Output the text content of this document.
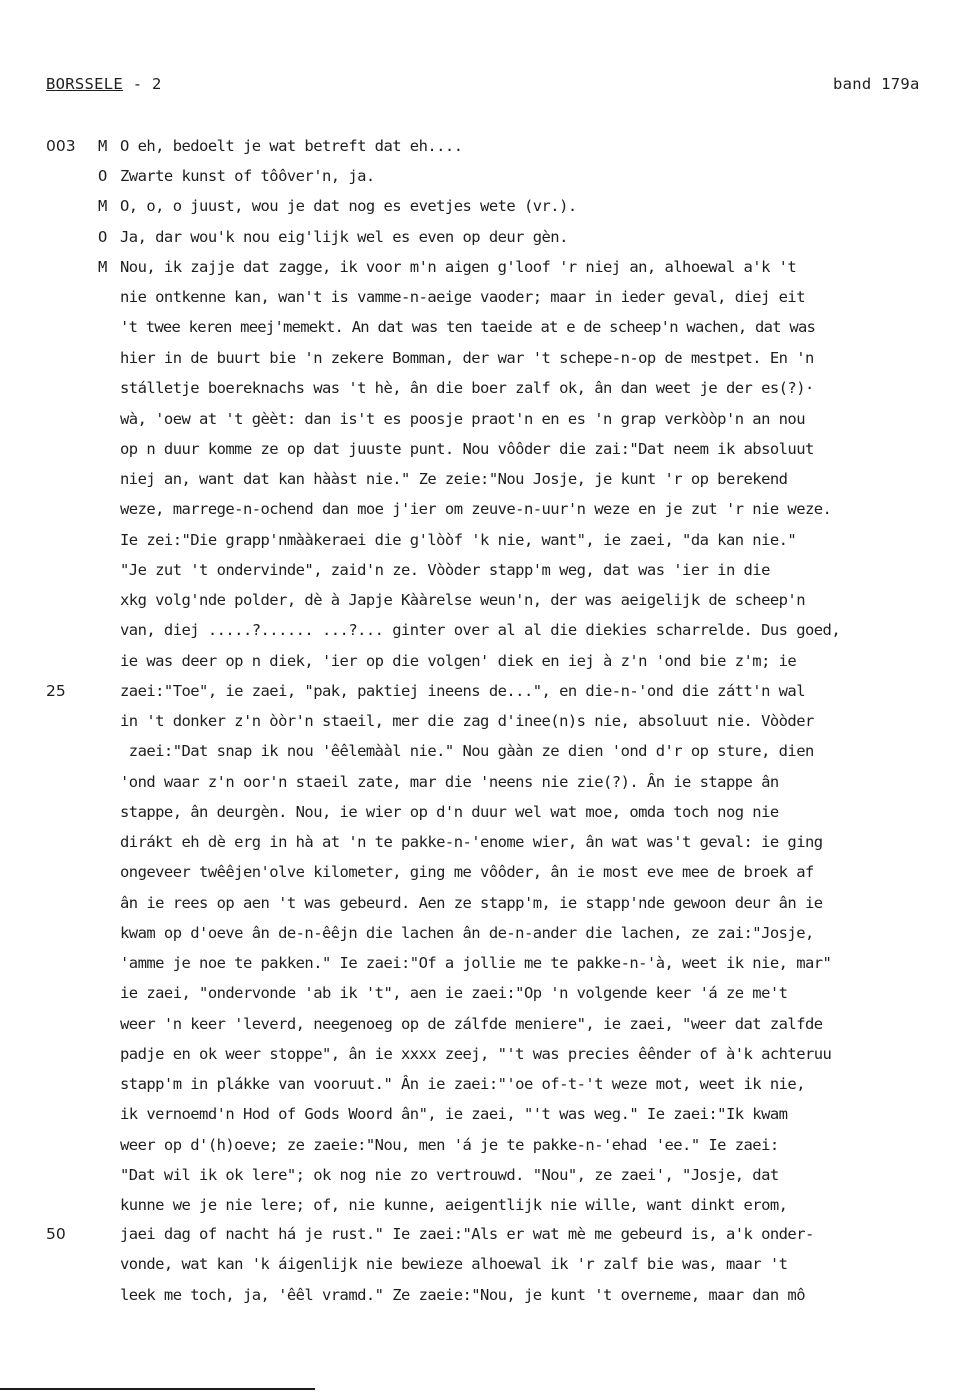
BORSSELE - 2	band 179a
003
25
50
M
O
M
O
M
O eh, bedoelt je wat betreft dat eh....
Zwarte kunst of tôôver'n, ja.
O, o, o juust, wou je dat nog es evetjes wete (vr.).
Ja, dar wou'k nou eig'lijk wel es even op deur gèn.
Nou, ik zajje dat zagge, ik voor m'n aigen g'loof 'r niej an, alhoewal a'k 't
nie ontkenne kan, wan't is vamme-n-aeige vaoder; maar in ieder geval, diej eit
't twee keren meej'memekt. An dat was ten taeide at e de scheep'n wachen, dat was
hier in de buurt bie 'n zekere Bomman, der war 't schepe-n-op de mestpet. En 'n
stálletje boereknachs was 't hè, ân die boer zalf ok, ân dan weet je der es(?)·
wà, 'oew at 't gèèt: dan is't es poosje praot'n en es 'n grap verkòòp'n an nou
op n duur komme ze op dat juuste punt. Nou vôôder die zai:"Dat neem ik absoluut
niej an, want dat kan hààst nie." Ze zeie:"Nou Josje, je kunt 'r op berekend
weze, marrege-n-ochend dan moe j'ier om zeuve-n-uur'n weze en je zut 'r nie weze.
Ie zei:"Die grapp'nmààkeraei die g'lòòf 'k nie, want", ie zaei, "da kan nie."
"Je zut 't ondervinde", zaid'n ze. Vòòder stapp'm weg, dat was 'ier in die
xkg volg'nde polder, dè à Japje Kààrelse weun'n, der was aeigelijk de scheep'n
van, diej .....?...... ...?... ginter over al al die diekies scharrelde. Dus goed,
ie was deer op n diek, 'ier op die volgen' diek en iej à z'n 'ond bie z'm; ie
zaei:"Toe", ie zaei, "pak, paktiej ineens de...", en die-n-'ond die zátt'n wal
in 't donker z'n òòr'n staeil, mer die zag d'inee(n)s nie, absoluut nie. Vòòder
zaei:"Dat snap ik nou 'êêlemààl nie." Nou gààn ze dien 'ond d'r op sture, dien
'ond waar z'n oor'n staeil zate, mar die 'neens nie zie(?). Ân ie stappe ân
stappe, ân deurgèn. Nou, ie wier op d'n duur wel wat moe, omda toch nog nie
dirákt eh dè erg in hà at 'n te pakke-n-'enome wier, ân wat was't geval: ie ging
ongeveer twêêjen'olve kilometer, ging me vôôder, ân ie most eve mee de broek af
ân ie rees op aen 't was gebeurd. Aen ze stapp'm, ie stapp'nde gewoon deur ân ie
kwam op d'oeve ân de-n-êêjn die lachen ân de-n-ander die lachen, ze zai:"Josje,
'amme je noe te pakken." Ie zaei:"Of a jollie me te pakke-n-'à, weet ik nie, mar"
ie zaei, "ondervonde 'ab ik 't", aen ie zaei:"Op 'n volgende keer 'á ze me't
weer 'n keer 'leverd, neegenoeg op de zálfde meniere", ie zaei, "weer dat zalfde
padje en ok weer stoppe", ân ie xxxx zeej, "'t was precies êênder of à'k achteruu
stapp'm in plákke van vooruut." Ân ie zaei:"'oe of-t-'t weze mot, weet ik nie,
ik vernoemd'n Hod of Gods Woord ân", ie zaei, "'t was weg." Ie zaei:"Ik kwam
weer op d'(h)oeve; ze zaeie:"Nou, men 'á je te pakke-n-'ehad 'ee." Ie zaei:
"Dat wil ik ok lere"; ok nog nie zo vertrouwd. "Nou", ze zaei', "Josje, dat
kunne we je nie lere; of, nie kunne, aeigentlijk nie wille, want dinkt erom,
jaei dag of nacht há je rust." Ie zaei:"Als er wat mè me gebeurd is, a'k onder-
vonde, wat kan 'k áigenlijk nie bewieze alhoewal ik 'r zalf bie was, maar 't
leek me toch, ja, 'êêl vramd." Ze zaeie:"Nou, je kunt 't overneme, maar dan mô
